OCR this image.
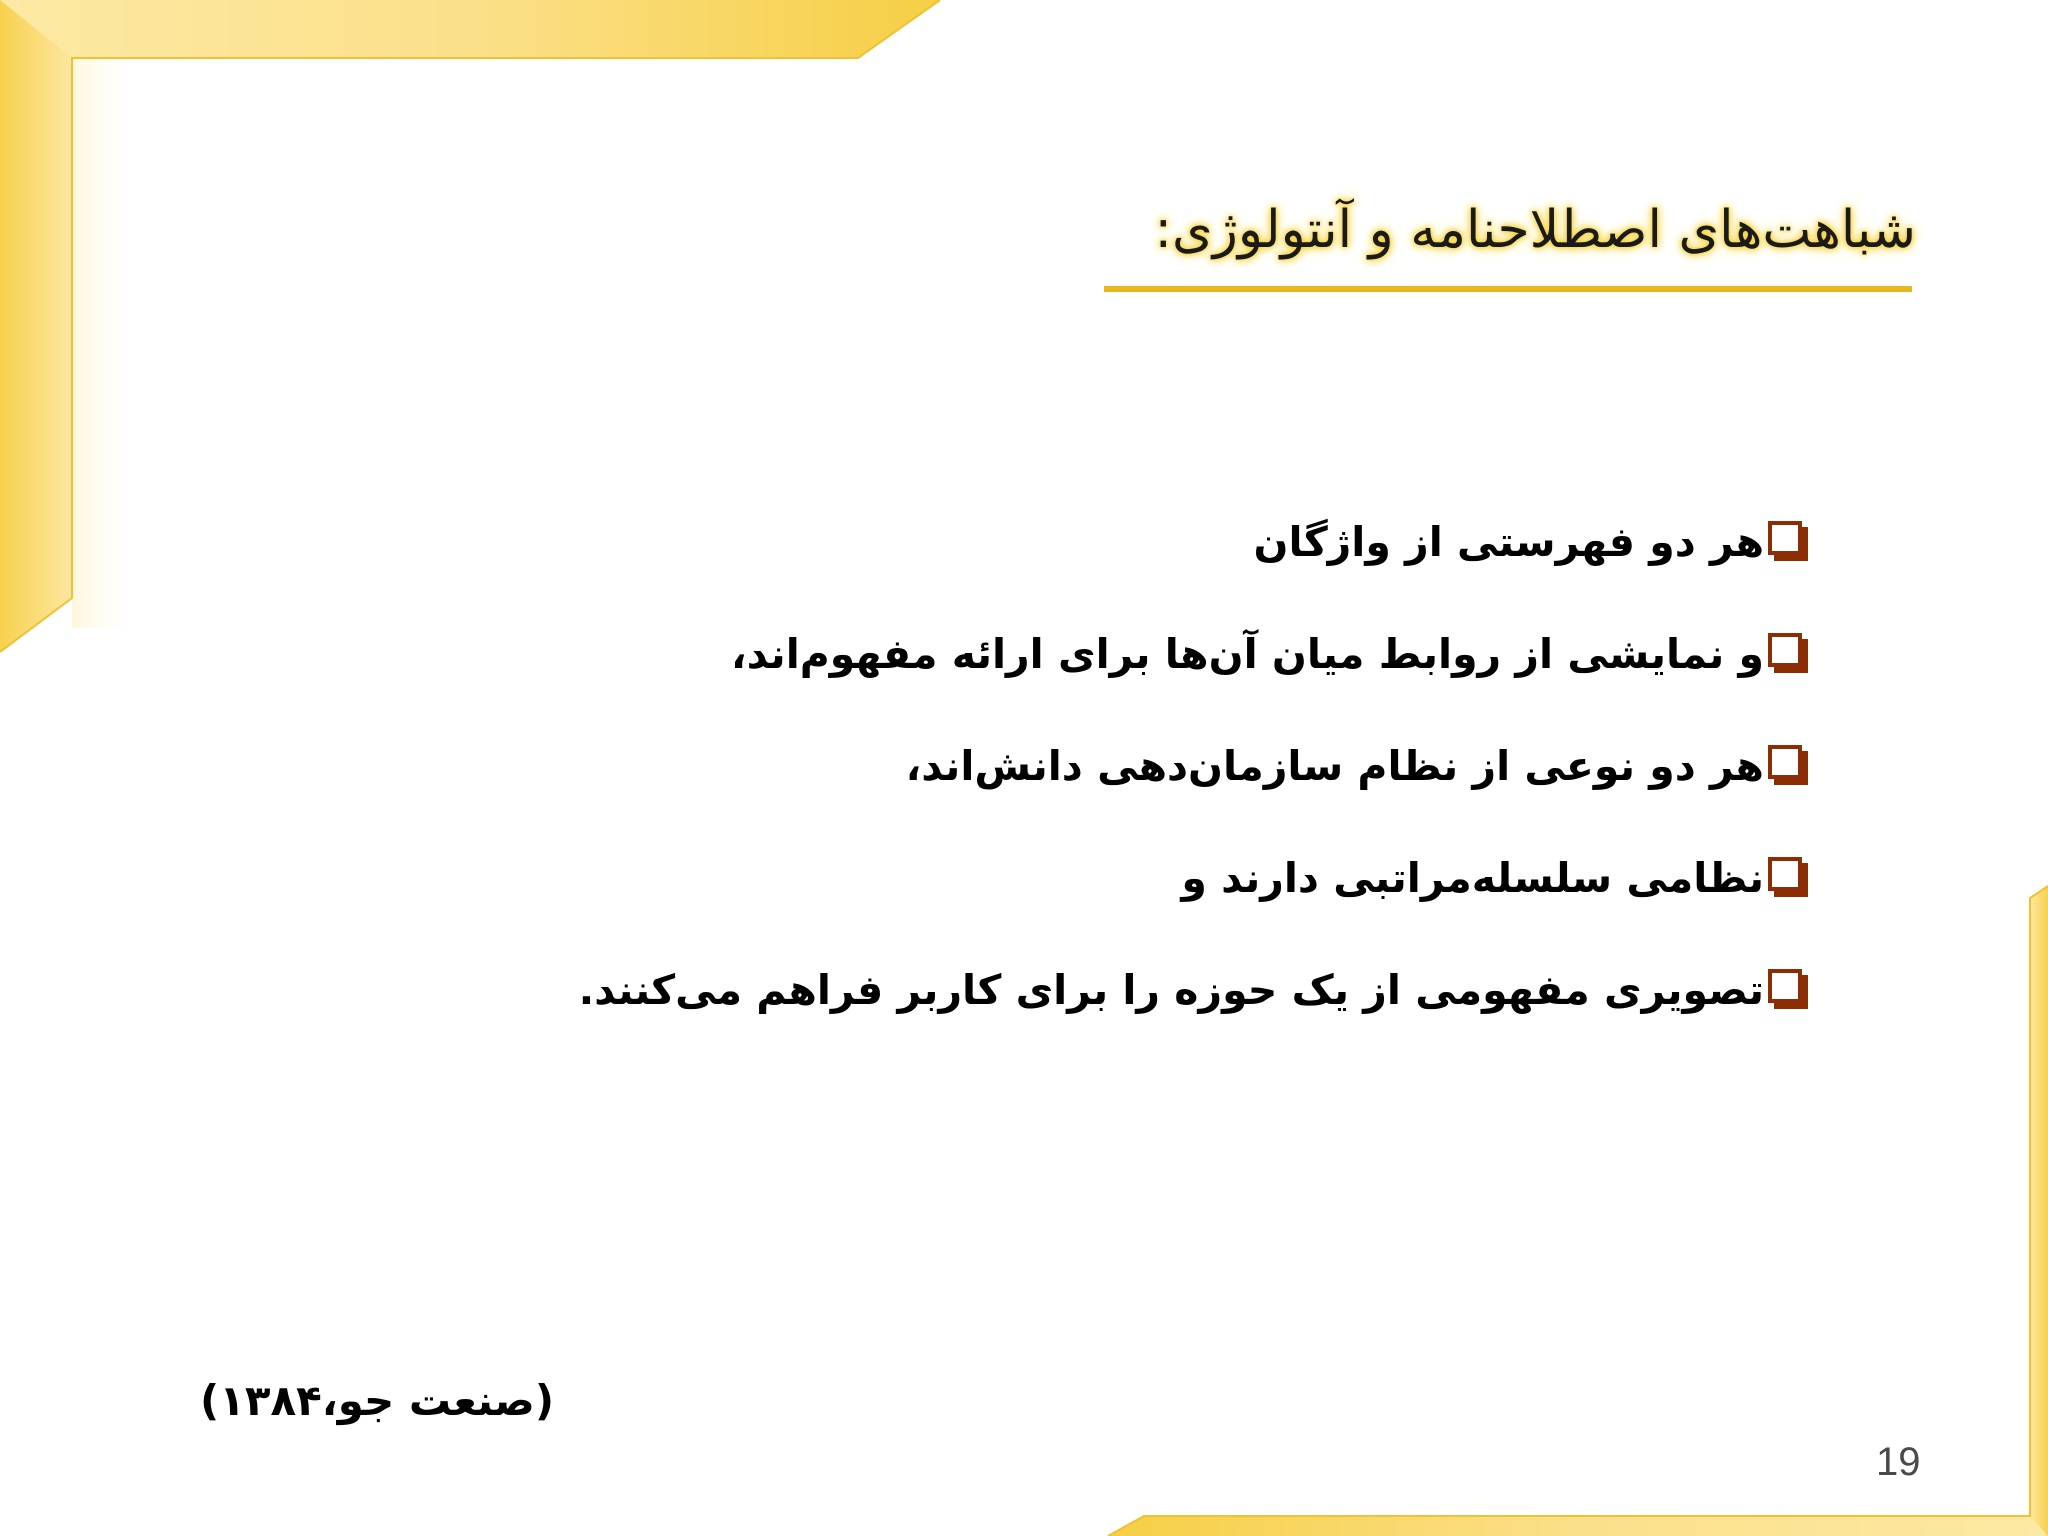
شباهت‌های اصطلاحنامه و آنتولوژی:
هر دو فهرستی از واژگان
و نمایشی از روابط میان آن‌ها برای ارائه مفهوم‌اند،
هر دو نوعی از نظام سازمان‌دهی دانش‌اند،
نظامی سلسله‌مراتبی دارند و
تصویری مفهومی از یک حوزه را برای کاربر فراهم می‌کنند.
(صنعت جو،۱۳۸۴)
19
